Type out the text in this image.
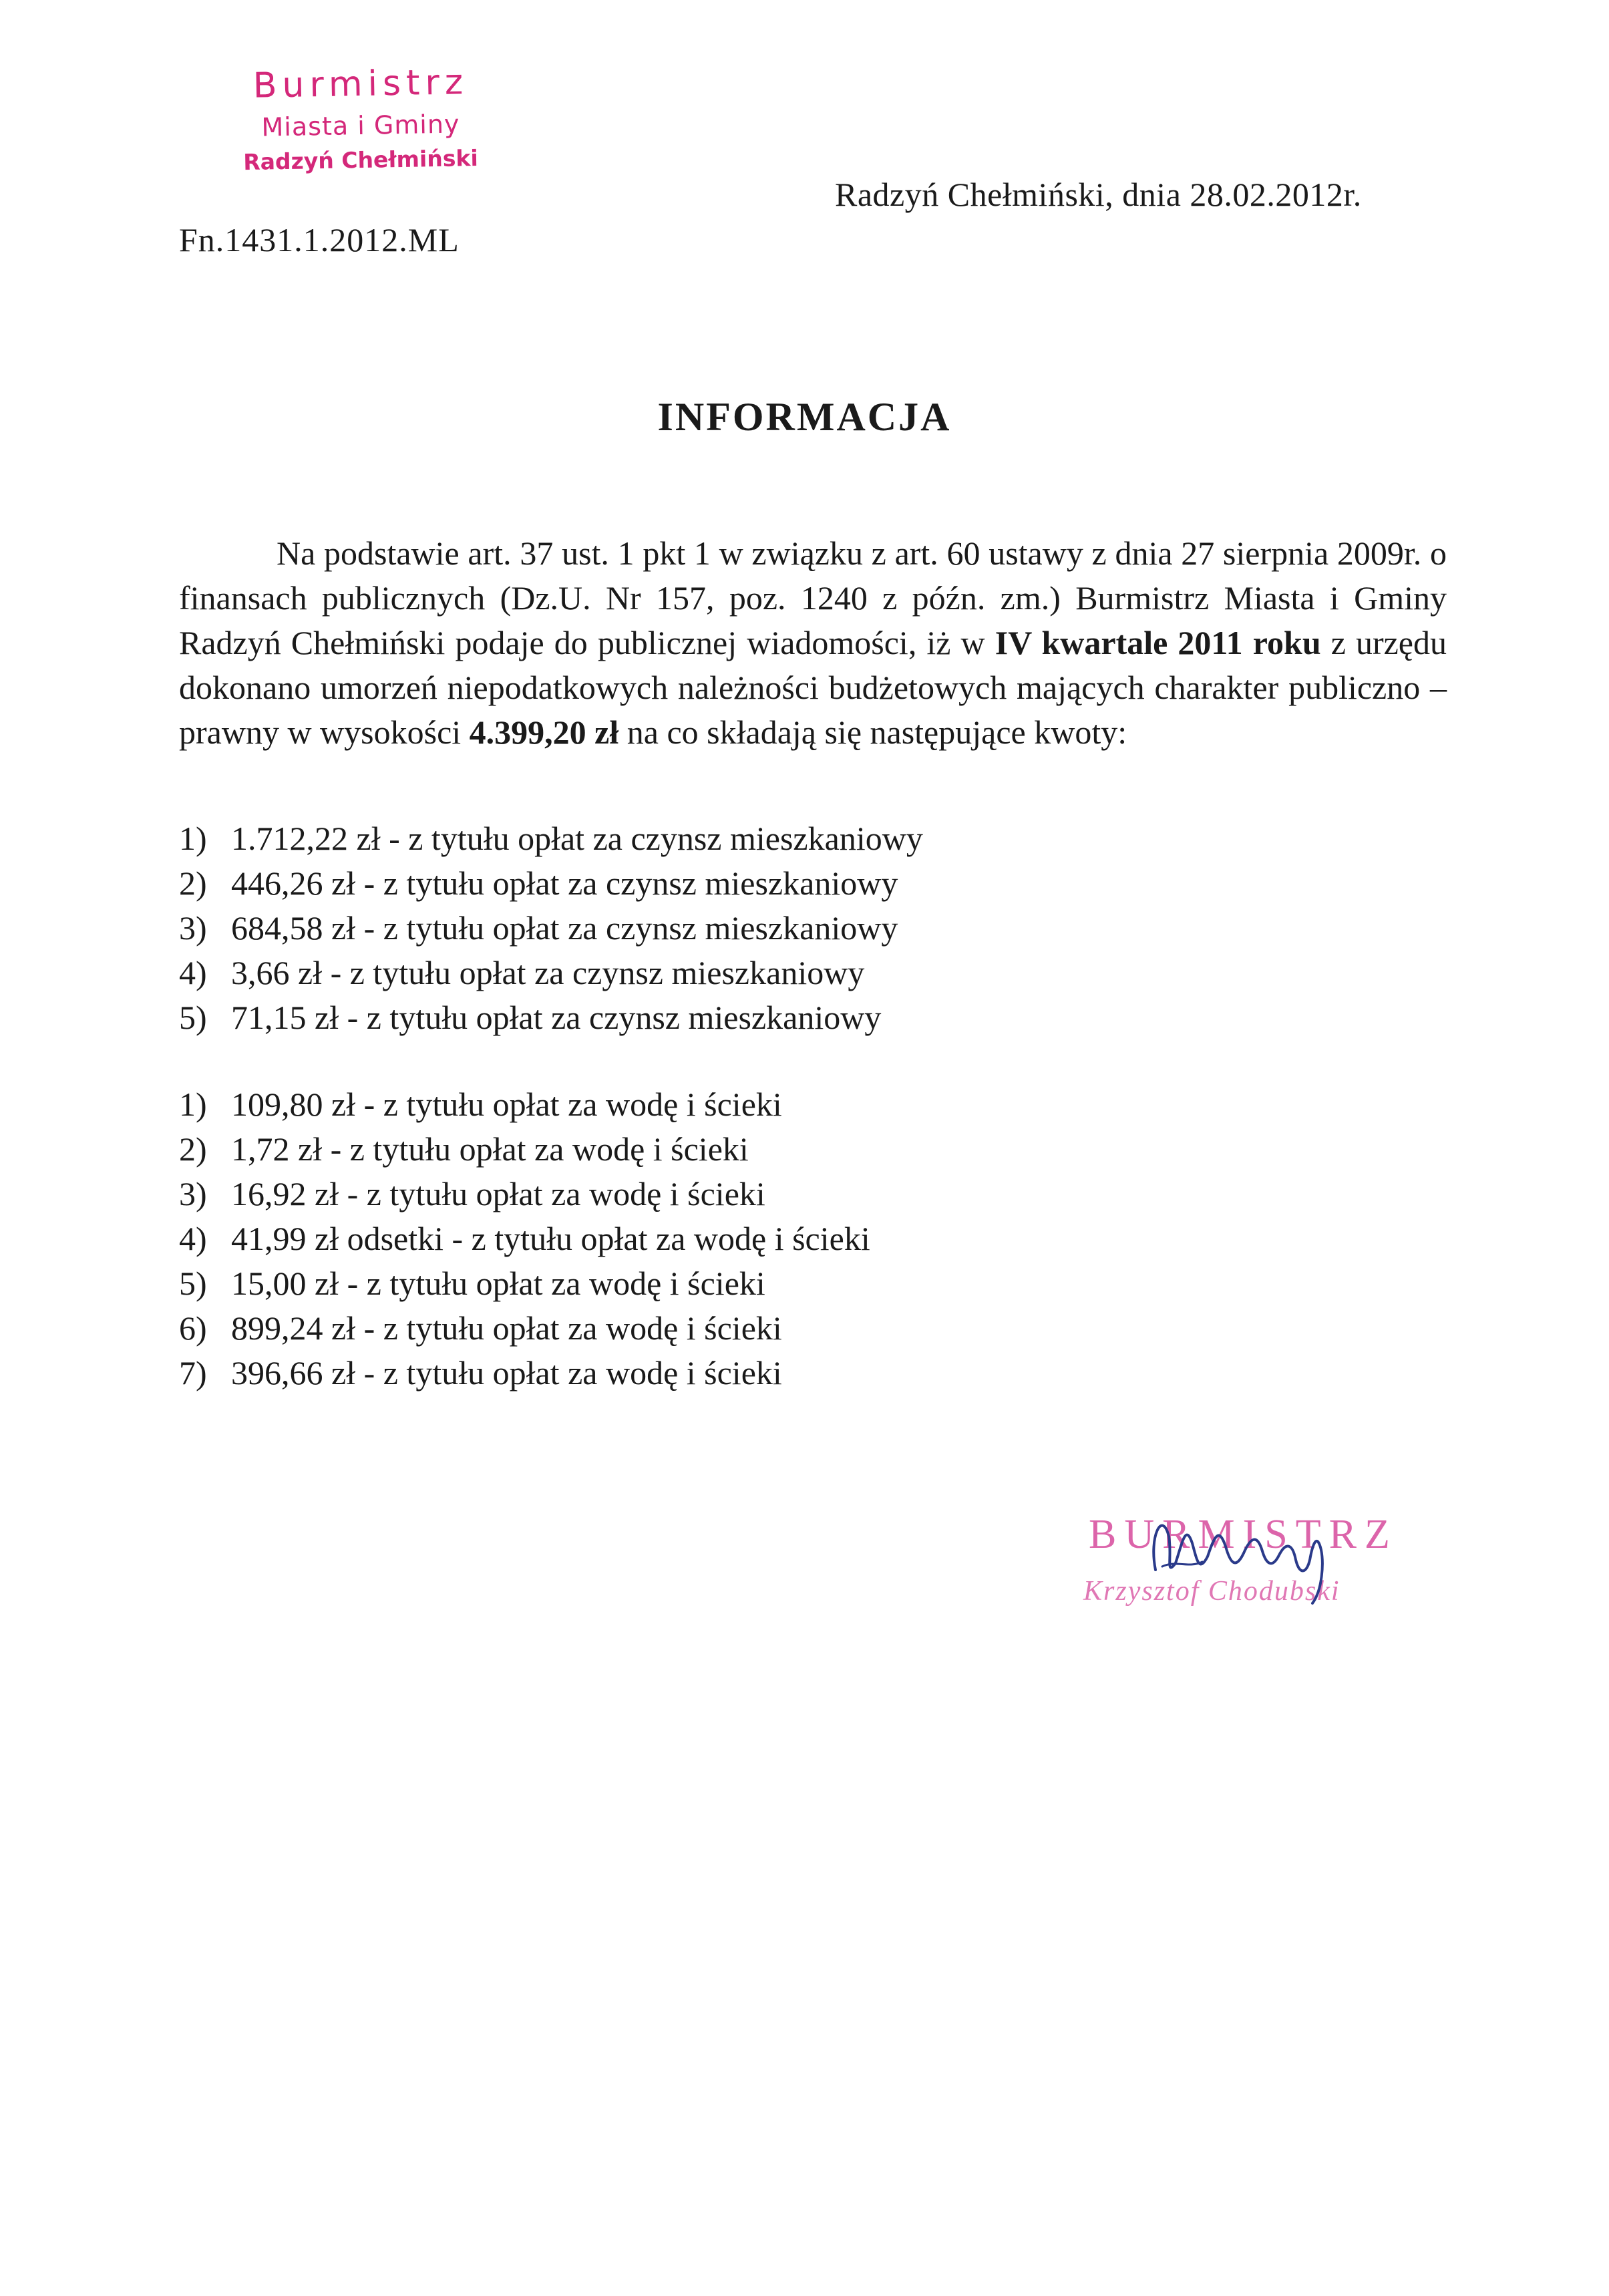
Burmistrz
Miasta i Gminy
Radzyń Chełmiński
Radzyń Chełmiński, dnia 28.02.2012r.
Fn.1431.1.2012.ML
INFORMACJA

Na podstawie art. 37 ust. 1 pkt 1 w związku z art. 60 ustawy z dnia 27 sierpnia 2009r. o finansach publicznych (Dz.U. Nr 157, poz. 1240 z późn. zm.) Burmistrz Miasta i Gminy Radzyń Chełmiński podaje do publicznej wiadomości, iż w IV kwartale 2011 roku z urzędu dokonano umorzeń niepodatkowych należności budżetowych mających charakter publiczno – prawny w wysokości 4.399,20 zł na co składają się następujące kwoty:

1) 1.712,22 zł - z tytułu opłat za czynsz mieszkaniowy
2) 446,26 zł - z tytułu opłat za czynsz mieszkaniowy
3) 684,58 zł - z tytułu opłat za czynsz mieszkaniowy
4) 3,66 zł - z tytułu opłat za czynsz mieszkaniowy
5) 71,15 zł - z tytułu opłat za czynsz mieszkaniowy
1) 109,80 zł - z tytułu opłat za wodę i ścieki
2) 1,72 zł - z tytułu opłat za wodę i ścieki
3) 16,92 zł - z tytułu opłat za wodę i ścieki
4) 41,99 zł odsetki - z tytułu opłat za wodę i ścieki
5) 15,00 zł - z tytułu opłat za wodę i ścieki
6) 899,24 zł - z tytułu opłat za wodę i ścieki
7) 396,66 zł - z tytułu opłat za wodę i ścieki
BURMISTRZ
Krzysztof Chodubski
